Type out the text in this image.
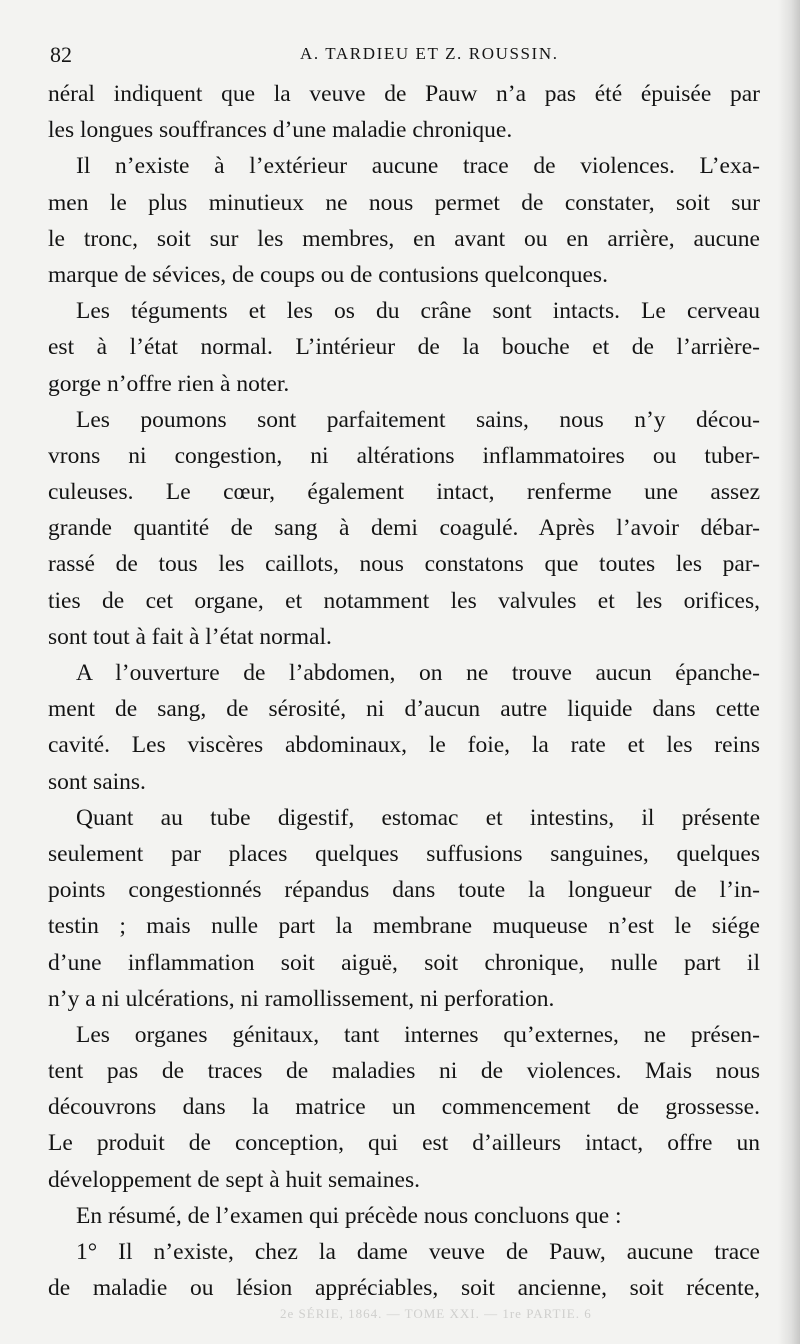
82	A. TARDIEU ET Z. ROUSSIN.
néral indiquent que la veuve de Pauw n’a pas été épuisée par
les longues souffrances d’une maladie chronique.
Il n’existe à l’extérieur aucune trace de violences. L’exa-
men le plus minutieux ne nous permet de constater, soit sur
le tronc, soit sur les membres, en avant ou en arrière, aucune
marque de sévices, de coups ou de contusions quelconques.
Les téguments et les os du crâne sont intacts. Le cerveau
est à l’état normal. L’intérieur de la bouche et de l’arrière-
gorge n’offre rien à noter.
Les poumons sont parfaitement sains, nous n’y décou-
vrons ni congestion, ni altérations inflammatoires ou tuber-
culeuses. Le cœur, également intact, renferme une assez
grande quantité de sang à demi coagulé. Après l’avoir débar-
rassé de tous les caillots, nous constatons que toutes les par-
ties de cet organe, et notamment les valvules et les orifices,
sont tout à fait à l’état normal.
A l’ouverture de l’abdomen, on ne trouve aucun épanche-
ment de sang, de sérosité, ni d’aucun autre liquide dans cette
cavité. Les viscères abdominaux, le foie, la rate et les reins
sont sains.
Quant au tube digestif, estomac et intestins, il présente
seulement par places quelques suffusions sanguines, quelques
points congestionnés répandus dans toute la longueur de l’in-
testin ; mais nulle part la membrane muqueuse n’est le siége
d’une inflammation soit aiguë, soit chronique, nulle part il
n’y a ni ulcérations, ni ramollissement, ni perforation.
Les organes génitaux, tant internes qu’externes, ne présen-
tent pas de traces de maladies ni de violences. Mais nous
découvrons dans la matrice un commencement de grossesse.
Le produit de conception, qui est d’ailleurs intact, offre un
développement de sept à huit semaines.
En résumé, de l’examen qui précède nous concluons que :
1° Il n’existe, chez la dame veuve de Pauw, aucune trace
de maladie ou lésion appréciables, soit ancienne, soit récente,
2e SÉRIE, 1864. — TOME XXI. — 1re PARTIE. 6
